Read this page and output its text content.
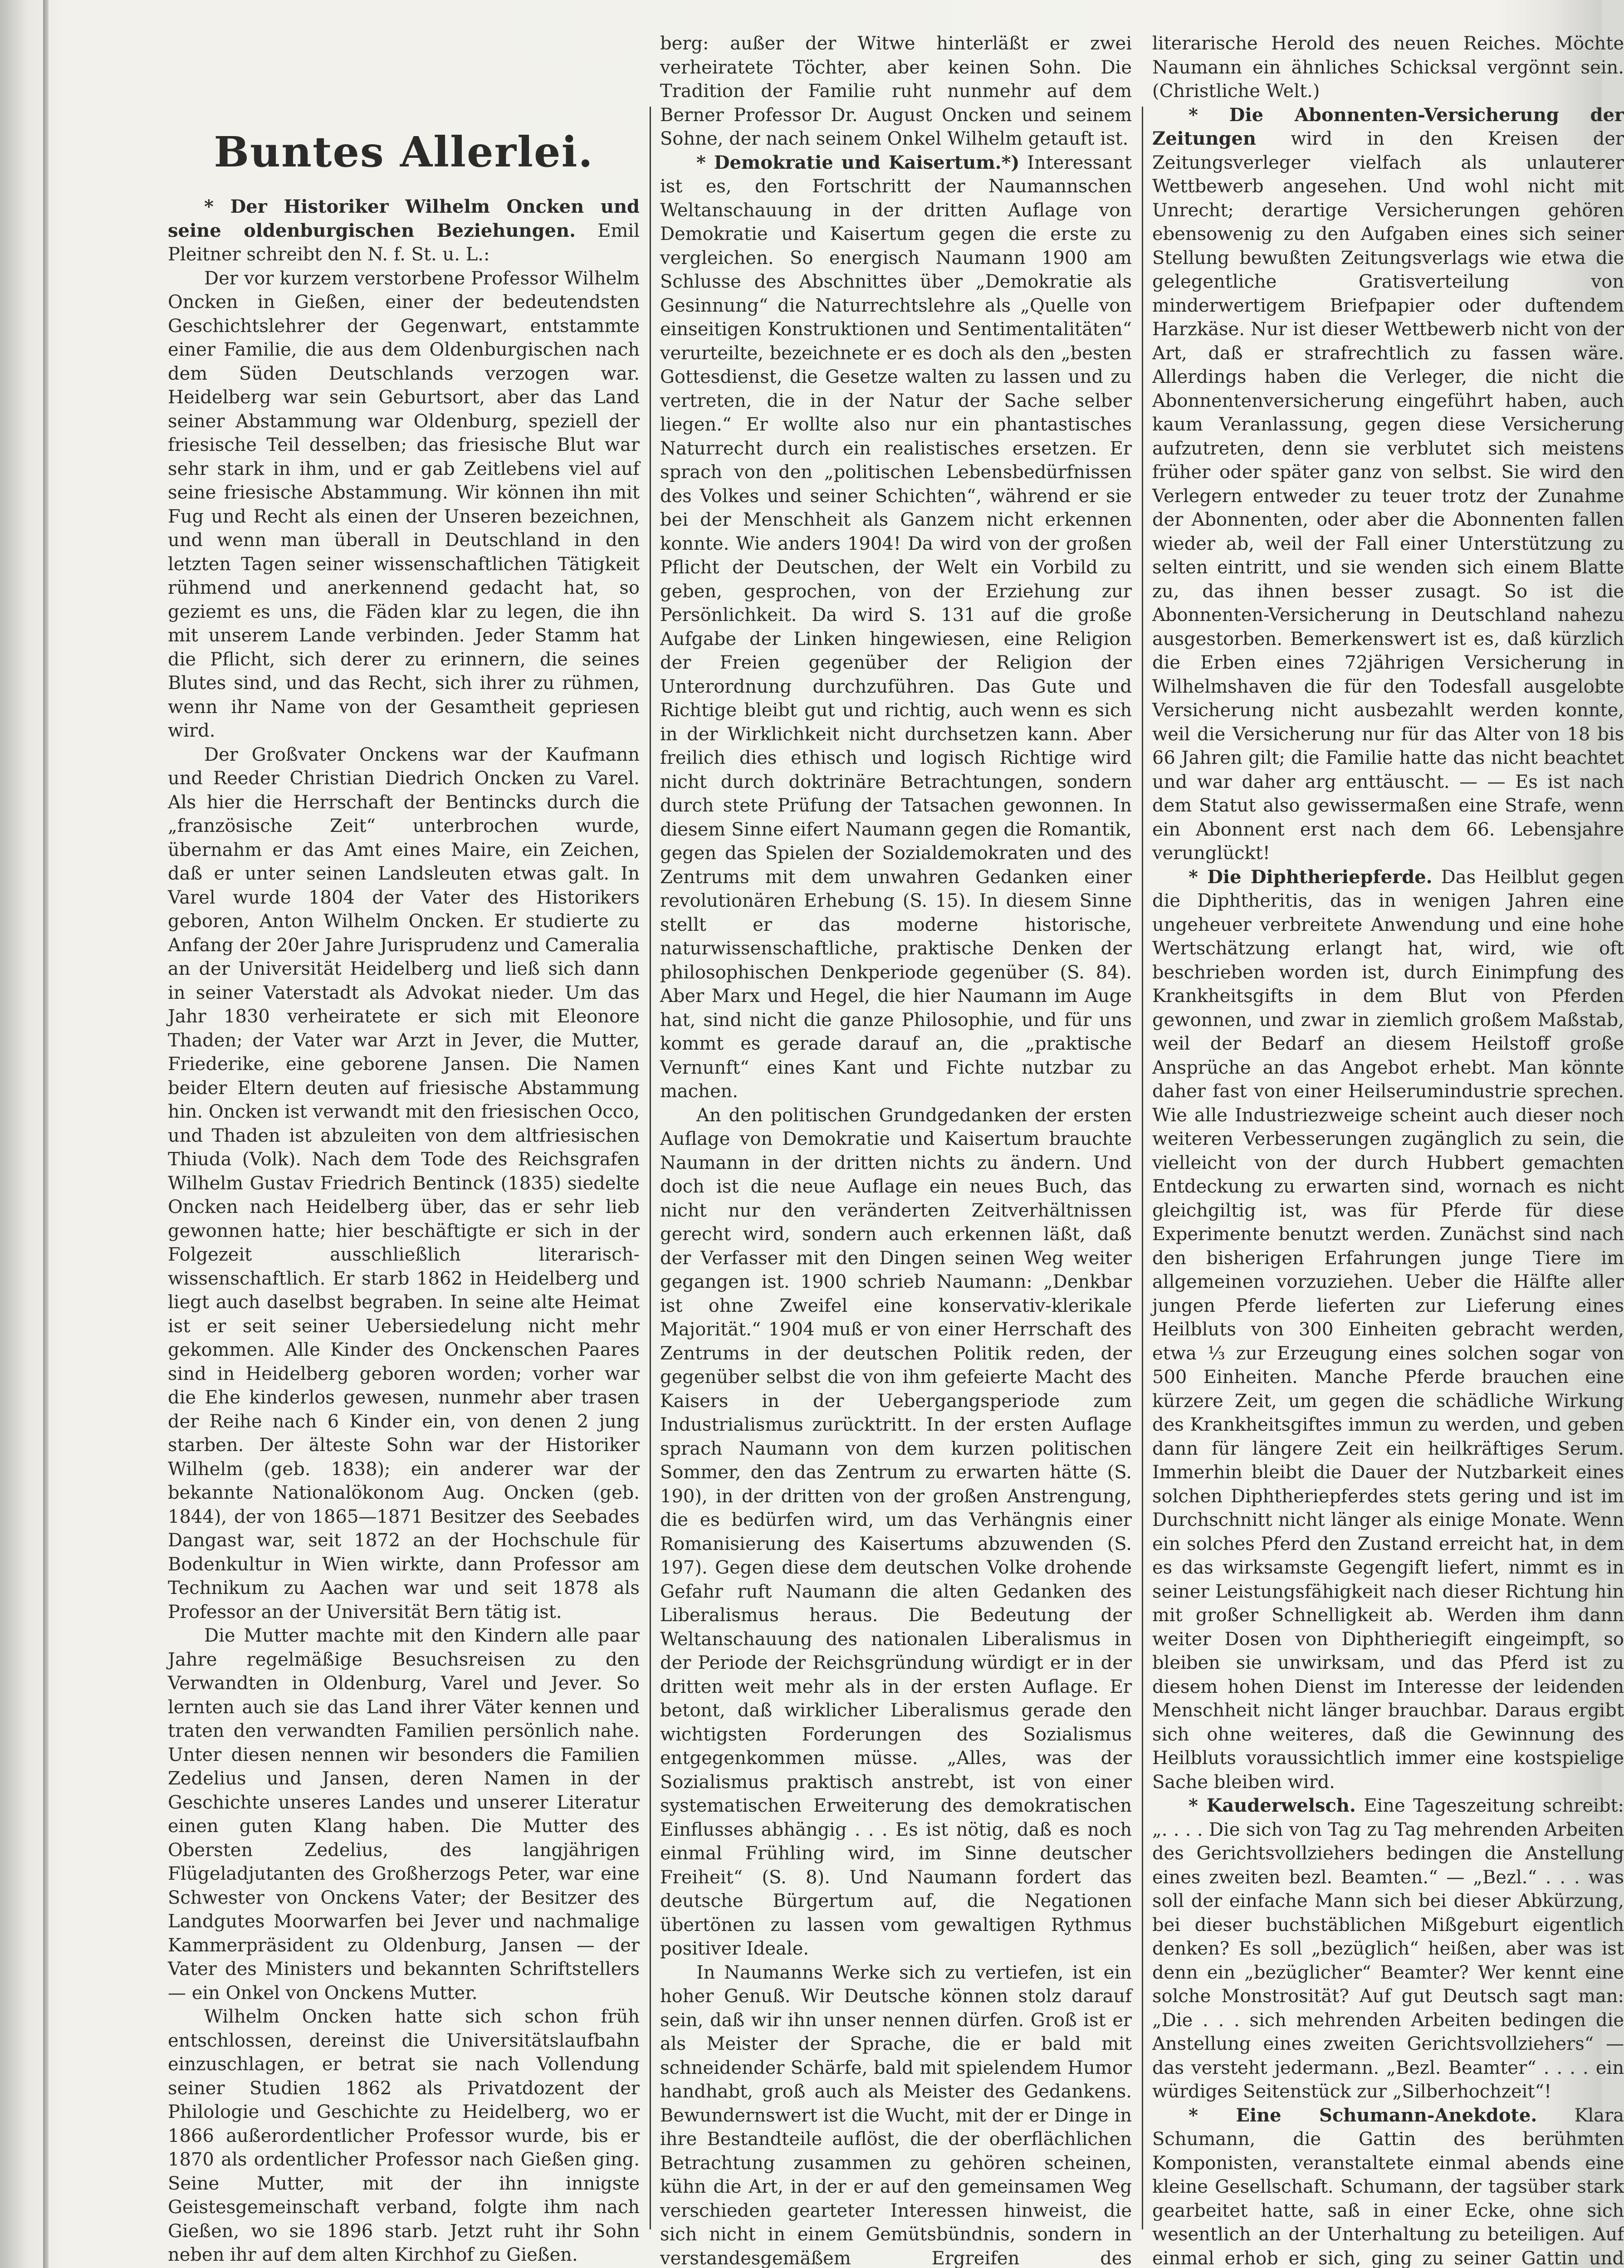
Buntes Allerlei.

* Der Historiker Wilhelm Oncken und seine oldenburgischen Beziehungen. Emil Pleitner schreibt den N. f. St. u. L.:

Der vor kurzem verstorbene Professor Wilhelm Oncken in Gießen, einer der bedeutendsten Geschichtslehrer der Gegenwart, entstammte einer Familie, die aus dem Oldenburgischen nach dem Süden Deutschlands verzogen war. Heidelberg war sein Geburtsort, aber das Land seiner Abstammung war Oldenburg, speziell der friesische Teil desselben; das friesische Blut war sehr stark in ihm, und er gab Zeitlebens viel auf seine friesische Abstammung. Wir können ihn mit Fug und Recht als einen der Unseren bezeichnen, und wenn man überall in Deutschland in den letzten Tagen seiner wissenschaftlichen Tätigkeit rühmend und anerkennend gedacht hat, so geziemt es uns, die Fäden klar zu legen, die ihn mit unserem Lande verbinden. Jeder Stamm hat die Pflicht, sich derer zu erinnern, die seines Blutes sind, und das Recht, sich ihrer zu rühmen, wenn ihr Name von der Gesamtheit gepriesen wird.

Der Großvater Onckens war der Kaufmann und Reeder Christian Diedrich Oncken zu Varel. Als hier die Herrschaft der Bentincks durch die „französische Zeit“ unterbrochen wurde, übernahm er das Amt eines Maire, ein Zeichen, daß er unter seinen Landsleuten etwas galt. In Varel wurde 1804 der Vater des Historikers geboren, Anton Wilhelm Oncken. Er studierte zu Anfang der 20er Jahre Jurisprudenz und Cameralia an der Universität Heidelberg und ließ sich dann in seiner Vaterstadt als Advokat nieder. Um das Jahr 1830 verheiratete er sich mit Eleonore Thaden; der Vater war Arzt in Jever, die Mutter, Friederike, eine geborene Jansen. Die Namen beider Eltern deuten auf friesische Abstammung hin. Oncken ist verwandt mit den friesischen Occo, und Thaden ist abzuleiten von dem altfriesischen Thiuda (Volk). Nach dem Tode des Reichsgrafen Wilhelm Gustav Friedrich Bentinck (1835) siedelte Oncken nach Heidelberg über, das er sehr lieb gewonnen hatte; hier beschäftigte er sich in der Folgezeit ausschließlich literarisch-wissenschaftlich. Er starb 1862 in Heidelberg und liegt auch daselbst begraben. In seine alte Heimat ist er seit seiner Uebersiedelung nicht mehr gekommen. Alle Kinder des Onckenschen Paares sind in Heidelberg geboren worden; vorher war die Ehe kinderlos gewesen, nunmehr aber trasen der Reihe nach 6 Kinder ein, von denen 2 jung starben. Der älteste Sohn war der Historiker Wilhelm (geb. 1838); ein anderer war der bekannte Nationalökonom Aug. Oncken (geb. 1844), der von 1865—1871 Besitzer des Seebades Dangast war, seit 1872 an der Hochschule für Bodenkultur in Wien wirkte, dann Professor am Technikum zu Aachen war und seit 1878 als Professor an der Universität Bern tätig ist.

Die Mutter machte mit den Kindern alle paar Jahre regelmäßige Besuchsreisen zu den Verwandten in Oldenburg, Varel und Jever. So lernten auch sie das Land ihrer Väter kennen und traten den verwandten Familien persönlich nahe. Unter diesen nennen wir besonders die Familien Zedelius und Jansen, deren Namen in der Geschichte unseres Landes und unserer Literatur einen guten Klang haben. Die Mutter des Obersten Zedelius, des langjährigen Flügeladjutanten des Großherzogs Peter, war eine Schwester von Onckens Vater; der Besitzer des Landgutes Moorwarfen bei Jever und nachmalige Kammerpräsident zu Oldenburg, Jansen — der Vater des Ministers und bekannten Schriftstellers — ein Onkel von Onckens Mutter.

Wilhelm Oncken hatte sich schon früh entschlossen, dereinst die Universitätslaufbahn einzuschlagen, er betrat sie nach Vollendung seiner Studien 1862 als Privatdozent der Philologie und Geschichte zu Heidelberg, wo er 1866 außerordentlicher Professor wurde, bis er 1870 als ordentlicher Professor nach Gießen ging. Seine Mutter, mit der ihn innigste Geistesgemeinschaft verband, folgte ihm nach Gießen, wo sie 1896 starb. Jetzt ruht ihr Sohn neben ihr auf dem alten Kirchhof zu Gießen.

berg: außer der Witwe hinterläßt er zwei verheiratete Töchter, aber keinen Sohn. Die Tradition der Familie ruht nunmehr auf dem Berner Professor Dr. August Oncken und seinem Sohne, der nach seinem Onkel Wilhelm getauft ist.

* Demokratie und Kaisertum.*) Interessant ist es, den Fortschritt der Naumannschen Weltanschauung in der dritten Auflage von Demokratie und Kaisertum gegen die erste zu vergleichen. So energisch Naumann 1900 am Schlusse des Abschnittes über „Demokratie als Gesinnung“ die Naturrechtslehre als „Quelle von einseitigen Konstruktionen und Sentimentalitäten“ verurteilte, bezeichnete er es doch als den „besten Gottesdienst, die Gesetze walten zu lassen und zu vertreten, die in der Natur der Sache selber liegen.“ Er wollte also nur ein phantastisches Naturrecht durch ein realistisches ersetzen. Er sprach von den „politischen Lebensbedürfnissen des Volkes und seiner Schichten“, während er sie bei der Menschheit als Ganzem nicht erkennen konnte. Wie anders 1904! Da wird von der großen Pflicht der Deutschen, der Welt ein Vorbild zu geben, gesprochen, von der Erziehung zur Persönlichkeit. Da wird S. 131 auf die große Aufgabe der Linken hingewiesen, eine Religion der Freien gegenüber der Religion der Unterordnung durchzuführen. Das Gute und Richtige bleibt gut und richtig, auch wenn es sich in der Wirklichkeit nicht durchsetzen kann. Aber freilich dies ethisch und logisch Richtige wird nicht durch doktrinäre Betrachtungen, sondern durch stete Prüfung der Tatsachen gewonnen. In diesem Sinne eifert Naumann gegen die Romantik, gegen das Spielen der Sozialdemokraten und des Zentrums mit dem unwahren Gedanken einer revolutionären Erhebung (S. 15). In diesem Sinne stellt er das moderne historische, naturwissenschaftliche, praktische Denken der philosophischen Denkperiode gegenüber (S. 84). Aber Marx und Hegel, die hier Naumann im Auge hat, sind nicht die ganze Philosophie, und für uns kommt es gerade darauf an, die „praktische Vernunft“ eines Kant und Fichte nutzbar zu machen.

An den politischen Grundgedanken der ersten Auflage von Demokratie und Kaisertum brauchte Naumann in der dritten nichts zu ändern. Und doch ist die neue Auflage ein neues Buch, das nicht nur den veränderten Zeitverhältnissen gerecht wird, sondern auch erkennen läßt, daß der Verfasser mit den Dingen seinen Weg weiter gegangen ist. 1900 schrieb Naumann: „Denkbar ist ohne Zweifel eine konservativ-klerikale Majorität.“ 1904 muß er von einer Herrschaft des Zentrums in der deutschen Politik reden, der gegenüber selbst die von ihm gefeierte Macht des Kaisers in der Uebergangsperiode zum Industrialismus zurücktritt. In der ersten Auflage sprach Naumann von dem kurzen politischen Sommer, den das Zentrum zu erwarten hätte (S. 190), in der dritten von der großen Anstrengung, die es bedürfen wird, um das Verhängnis einer Romanisierung des Kaisertums abzuwenden (S. 197). Gegen diese dem deutschen Volke drohende Gefahr ruft Naumann die alten Gedanken des Liberalismus heraus. Die Bedeutung der Weltanschauung des nationalen Liberalismus in der Periode der Reichsgründung würdigt er in der dritten weit mehr als in der ersten Auflage. Er betont, daß wirklicher Liberalismus gerade den wichtigsten Forderungen des Sozialismus entgegenkommen müsse. „Alles, was der Sozialismus praktisch anstrebt, ist von einer systematischen Erweiterung des demokratischen Einflusses abhängig . . . Es ist nötig, daß es noch einmal Frühling wird, im Sinne deutscher Freiheit“ (S. 8). Und Naumann fordert das deutsche Bürgertum auf, die Negationen übertönen zu lassen vom gewaltigen Rythmus positiver Ideale.

In Naumanns Werke sich zu vertiefen, ist ein hoher Genuß. Wir Deutsche können stolz darauf sein, daß wir ihn unser nennen dürfen. Groß ist er als Meister der Sprache, die er bald mit schneidender Schärfe, bald mit spielendem Humor handhabt, groß auch als Meister des Gedankens. Bewundernswert ist die Wucht, mit der er Dinge in ihre Bestandteile auflöst, die der oberflächlichen Betrachtung zusammen zu gehören scheinen, kühn die Art, in der er auf den gemeinsamen Weg verschieden gearteter Interessen hinweist, die sich nicht in einem Gemütsbündnis, sondern in verstandesgemäßem Ergreifen des

literarische Herold des neuen Reiches. Möchte Naumann ein ähnliches Schicksal vergönnt sein. (Christliche Welt.)

* Die Abonnenten-Versicherung der Zeitungen wird in den Kreisen der Zeitungsverleger vielfach als unlauterer Wettbewerb angesehen. Und wohl nicht mit Unrecht; derartige Versicherungen gehören ebensowenig zu den Aufgaben eines sich seiner Stellung bewußten Zeitungsverlags wie etwa die gelegentliche Gratisverteilung von minderwertigem Briefpapier oder duftendem Harzkäse. Nur ist dieser Wettbewerb nicht von der Art, daß er strafrechtlich zu fassen wäre. Allerdings haben die Verleger, die nicht die Abonnentenversicherung eingeführt haben, auch kaum Veranlassung, gegen diese Versicherung aufzutreten, denn sie verblutet sich meistens früher oder später ganz von selbst. Sie wird den Verlegern entweder zu teuer trotz der Zunahme der Abonnenten, oder aber die Abonnenten fallen wieder ab, weil der Fall einer Unterstützung zu selten eintritt, und sie wenden sich einem Blatte zu, das ihnen besser zusagt. So ist die Abonnenten-Versicherung in Deutschland nahezu ausgestorben. Bemerkenswert ist es, daß kürzlich die Erben eines 72jährigen Versicherung in Wilhelmshaven die für den Todesfall ausgelobte Versicherung nicht ausbezahlt werden konnte, weil die Versicherung nur für das Alter von 18 bis 66 Jahren gilt; die Familie hatte das nicht beachtet und war daher arg enttäuscht. — — Es ist nach dem Statut also gewissermaßen eine Strafe, wenn ein Abonnent erst nach dem 66. Lebensjahre verunglückt!

* Die Diphtheriepferde. Das Heilblut gegen die Diphtheritis, das in wenigen Jahren eine ungeheuer verbreitete Anwendung und eine hohe Wertschätzung erlangt hat, wird, wie oft beschrieben worden ist, durch Einimpfung des Krankheitsgifts in dem Blut von Pferden gewonnen, und zwar in ziemlich großem Maßstab, weil der Bedarf an diesem Heilstoff große Ansprüche an das Angebot erhebt. Man könnte daher fast von einer Heilserumindustrie sprechen. Wie alle Industriezweige scheint auch dieser noch weiteren Verbesserungen zugänglich zu sein, die vielleicht von der durch Hubbert gemachten Entdeckung zu erwarten sind, wornach es nicht gleichgiltig ist, was für Pferde für diese Experimente benutzt werden. Zunächst sind nach den bisherigen Erfahrungen junge Tiere im allgemeinen vorzuziehen. Ueber die Hälfte aller jungen Pferde lieferten zur Lieferung eines Heilbluts von 300 Einheiten gebracht werden, etwa ⅓ zur Erzeugung eines solchen sogar von 500 Einheiten. Manche Pferde brauchen eine kürzere Zeit, um gegen die schädliche Wirkung des Krankheitsgiftes immun zu werden, und geben dann für längere Zeit ein heilkräftiges Serum. Immerhin bleibt die Dauer der Nutzbarkeit eines solchen Diphtheriepferdes stets gering und ist im Durchschnitt nicht länger als einige Monate. Wenn ein solches Pferd den Zustand erreicht hat, in dem es das wirksamste Gegengift liefert, nimmt es in seiner Leistungsfähigkeit nach dieser Richtung hin mit großer Schnelligkeit ab. Werden ihm dann weiter Dosen von Diphtheriegift eingeimpft, so bleiben sie unwirksam, und das Pferd ist zu diesem hohen Dienst im Interesse der leidenden Menschheit nicht länger brauchbar. Daraus ergibt sich ohne weiteres, daß die Gewinnung des Heilbluts voraussichtlich immer eine kostspielige Sache bleiben wird.

* Kauderwelsch. Eine Tageszeitung schreibt: „. . . . Die sich von Tag zu Tag mehrenden Arbeiten des Gerichtsvollziehers bedingen die Anstellung eines zweiten bezl. Beamten.“ — „Bezl.“ . . . was soll der einfache Mann sich bei dieser Abkürzung, bei dieser buchstäblichen Mißgeburt eigentlich denken? Es soll „bezüglich“ heißen, aber was ist denn ein „bezüglicher“ Beamter? Wer kennt eine solche Monstrosität? Auf gut Deutsch sagt man: „Die . . . sich mehrenden Arbeiten bedingen die Anstellung eines zweiten Gerichtsvollziehers“ — das versteht jedermann. „Bezl. Beamter“ . . . . ein würdiges Seitenstück zur „Silberhochzeit“!

* Eine Schumann-Anekdote. Klara Schumann, die Gattin des berühmten Komponisten, veranstaltete einmal abends eine kleine Gesellschaft. Schumann, der tagsüber stark gearbeitet hatte, saß in einer Ecke, ohne sich wesentlich an der Unterhaltung zu beteiligen. Auf einmal erhob er sich, ging zu seiner Gattin und
